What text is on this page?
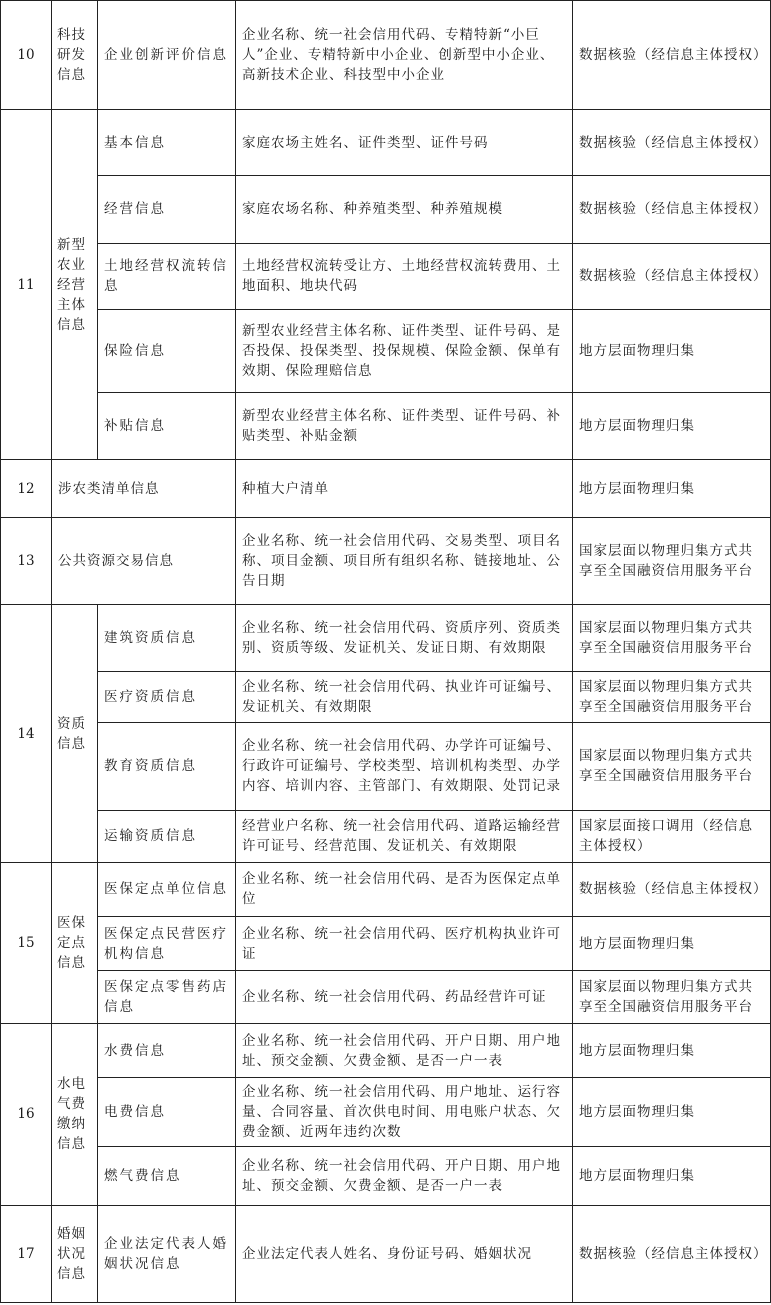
10	科技研发信息	企业创新评价信息	企业名称、统一社会信用代码、专精特新“小巨人”企业、专精特新中小企业、创新型中小企业、高新技术企业、科技型中小企业	数据核验（经信息主体授权）
11	新型农业经营主体信息	基本信息	家庭农场主姓名、证件类型、证件号码	数据核验（经信息主体授权）
		经营信息	家庭农场名称、种养殖类型、种养殖规模	数据核验（经信息主体授权）
		土地经营权流转信息	土地经营权流转受让方、土地经营权流转费用、土地面积、地块代码	数据核验（经信息主体授权）
		保险信息	新型农业经营主体名称、证件类型、证件号码、是否投保、投保类型、投保规模、保险金额、保单有效期、保险理赔信息	地方层面物理归集
		补贴信息	新型农业经营主体名称、证件类型、证件号码、补贴类型、补贴金额	地方层面物理归集
12	涉农类清单信息		种植大户清单	地方层面物理归集
13	公共资源交易信息		企业名称、统一社会信用代码、交易类型、项目名称、项目金额、项目所有组织名称、链接地址、公告日期	国家层面以物理归集方式共享至全国融资信用服务平台
14	资质信息	建筑资质信息	企业名称、统一社会信用代码、资质序列、资质类别、资质等级、发证机关、发证日期、有效期限	国家层面以物理归集方式共享至全国融资信用服务平台
		医疗资质信息	企业名称、统一社会信用代码、执业许可证编号、发证机关、有效期限	国家层面以物理归集方式共享至全国融资信用服务平台
		教育资质信息	企业名称、统一社会信用代码、办学许可证编号、行政许可证编号、学校类型、培训机构类型、办学内容、培训内容、主管部门、有效期限、处罚记录	国家层面以物理归集方式共享至全国融资信用服务平台
		运输资质信息	经营业户名称、统一社会信用代码、道路运输经营许可证号、经营范围、发证机关、有效期限	国家层面接口调用（经信息主体授权）
15	医保定点信息	医保定点单位信息	企业名称、统一社会信用代码、是否为医保定点单位	数据核验（经信息主体授权）
		医保定点民营医疗机构信息	企业名称、统一社会信用代码、医疗机构执业许可证	地方层面物理归集
		医保定点零售药店信息	企业名称、统一社会信用代码、药品经营许可证	国家层面以物理归集方式共享至全国融资信用服务平台
16	水电气费缴纳信息	水费信息	企业名称、统一社会信用代码、开户日期、用户地址、预交金额、欠费金额、是否一户一表	地方层面物理归集
		电费信息	企业名称、统一社会信用代码、用户地址、运行容量、合同容量、首次供电时间、用电账户状态、欠费金额、近两年违约次数	地方层面物理归集
		燃气费信息	企业名称、统一社会信用代码、开户日期、用户地址、预交金额、欠费金额、是否一户一表	地方层面物理归集
17	婚姻状况信息	企业法定代表人婚姻状况信息	企业法定代表人姓名、身份证号码、婚姻状况	数据核验（经信息主体授权）
